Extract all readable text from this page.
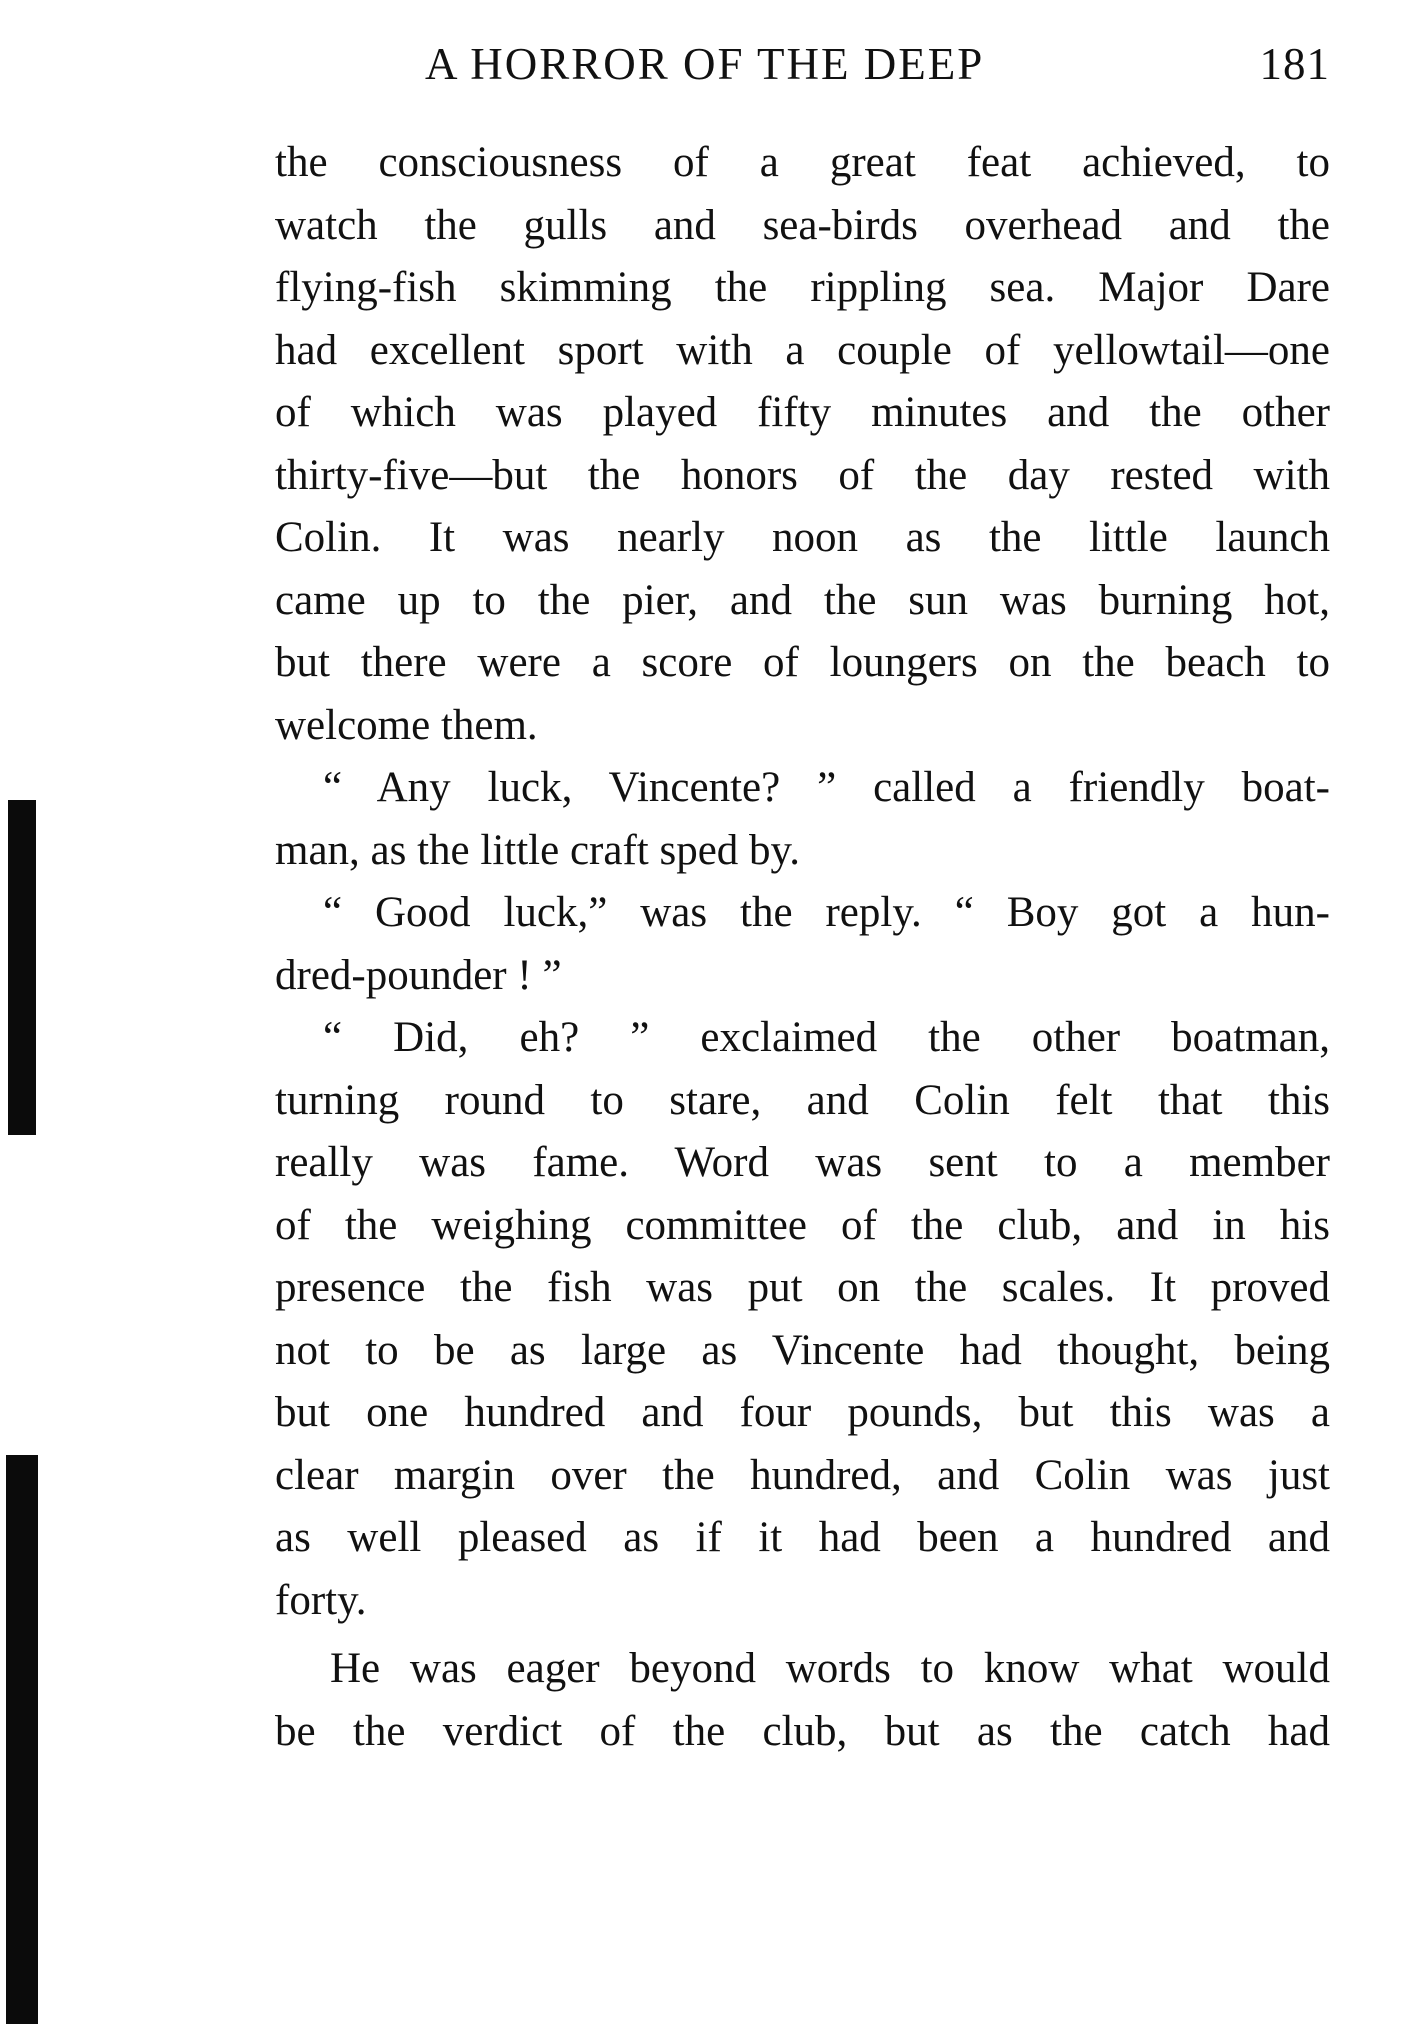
A HORROR OF THE DEEP	181
the consciousness of a great feat achieved, to
watch the gulls and sea-birds overhead and the
flying-fish skimming the rippling sea. Major Dare
had excellent sport with a couple of yellowtail—one
of which was played fifty minutes and the other
thirty-five—but the honors of the day rested with
Colin. It was nearly noon as the little launch
came up to the pier, and the sun was burning hot,
but there were a score of loungers on the beach to
welcome them.
“ Any luck, Vincente? ” called a friendly boat-
man, as the little craft sped by.
“ Good luck,” was the reply. “ Boy got a hun-
dred-pounder ! ”
“ Did, eh? ” exclaimed the other boatman,
turning round to stare, and Colin felt that this
really was fame. Word was sent to a member
of the weighing committee of the club, and in his
presence the fish was put on the scales. It proved
not to be as large as Vincente had thought, being
but one hundred and four pounds, but this was a
clear margin over the hundred, and Colin was just
as well pleased as if it had been a hundred and
forty.
He was eager beyond words to know what would
be the verdict of the club, but as the catch had
